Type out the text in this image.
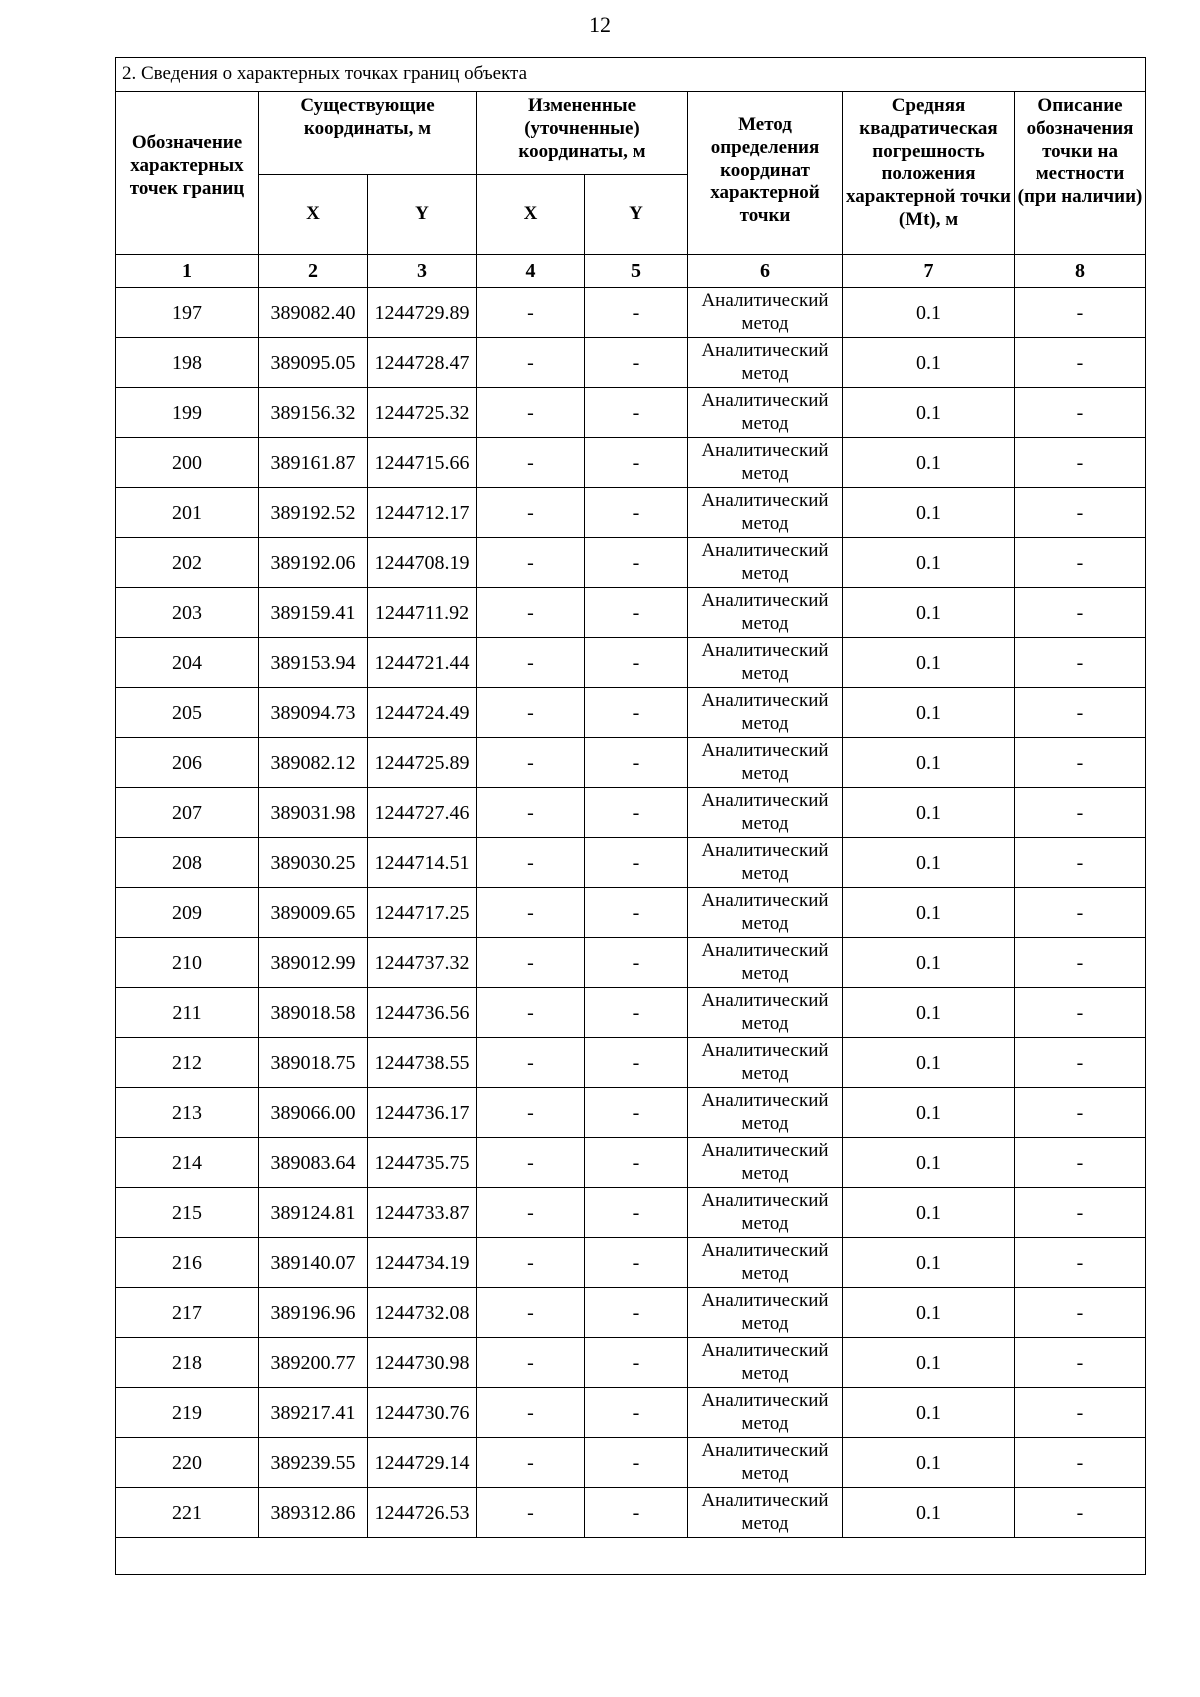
12
2. Сведения о характерных точках границ объекта							
Обозначение характерных точек границ	Существующие координаты, м		Измененные (уточненные) координаты, м		Метод определения координат характерной точки	Средняя квадратическая погрешность положения характерной точки (Mt), м	Описание обозначения точки на местности (при наличии)
	X	Y	X	Y			
1	2	3	4	5	6	7	8
197	389082.40	1244729.89	-	-	Аналитический метод	0.1	-
198	389095.05	1244728.47	-	-	Аналитический метод	0.1	-
199	389156.32	1244725.32	-	-	Аналитический метод	0.1	-
200	389161.87	1244715.66	-	-	Аналитический метод	0.1	-
201	389192.52	1244712.17	-	-	Аналитический метод	0.1	-
202	389192.06	1244708.19	-	-	Аналитический метод	0.1	-
203	389159.41	1244711.92	-	-	Аналитический метод	0.1	-
204	389153.94	1244721.44	-	-	Аналитический метод	0.1	-
205	389094.73	1244724.49	-	-	Аналитический метод	0.1	-
206	389082.12	1244725.89	-	-	Аналитический метод	0.1	-
207	389031.98	1244727.46	-	-	Аналитический метод	0.1	-
208	389030.25	1244714.51	-	-	Аналитический метод	0.1	-
209	389009.65	1244717.25	-	-	Аналитический метод	0.1	-
210	389012.99	1244737.32	-	-	Аналитический метод	0.1	-
211	389018.58	1244736.56	-	-	Аналитический метод	0.1	-
212	389018.75	1244738.55	-	-	Аналитический метод	0.1	-
213	389066.00	1244736.17	-	-	Аналитический метод	0.1	-
214	389083.64	1244735.75	-	-	Аналитический метод	0.1	-
215	389124.81	1244733.87	-	-	Аналитический метод	0.1	-
216	389140.07	1244734.19	-	-	Аналитический метод	0.1	-
217	389196.96	1244732.08	-	-	Аналитический метод	0.1	-
218	389200.77	1244730.98	-	-	Аналитический метод	0.1	-
219	389217.41	1244730.76	-	-	Аналитический метод	0.1	-
220	389239.55	1244729.14	-	-	Аналитический метод	0.1	-
221	389312.86	1244726.53	-	-	Аналитический метод	0.1	-
